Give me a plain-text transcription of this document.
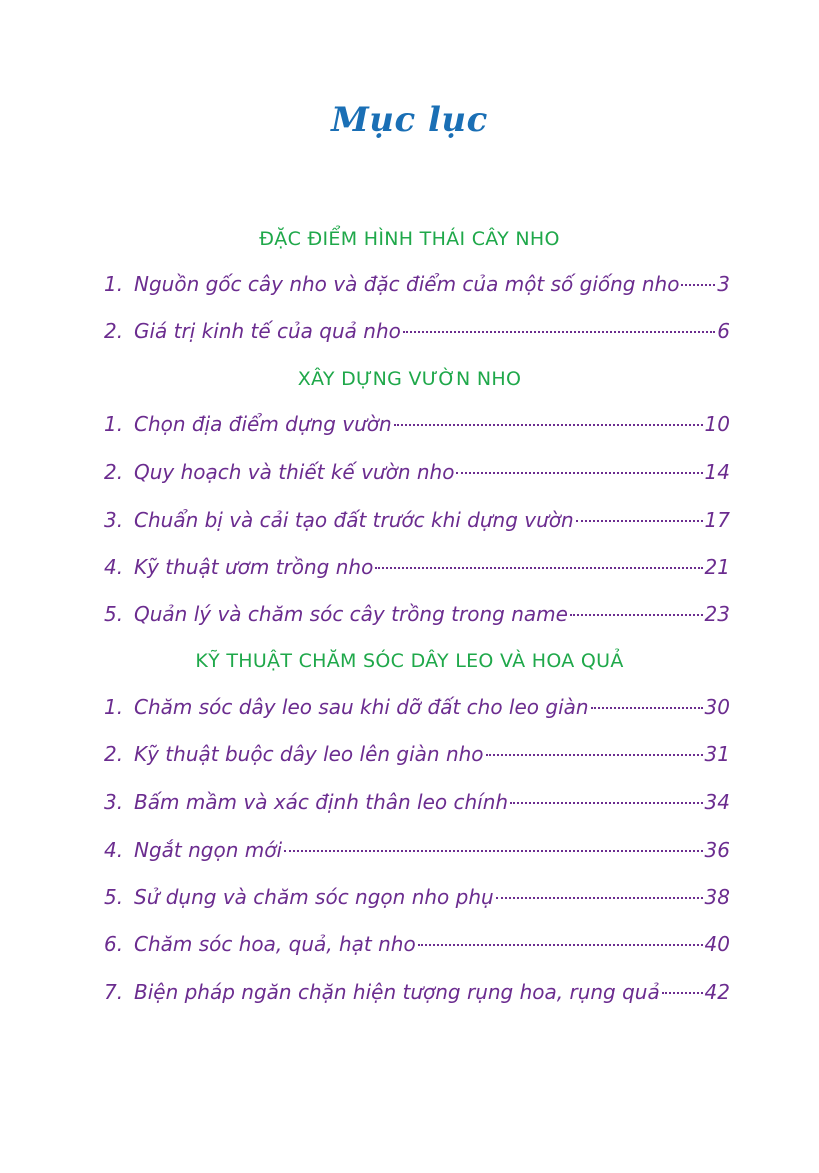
Mục lục
ĐẶC ĐIỂM HÌNH THÁI CÂY NHO
1. Nguồn gốc cây nho và đặc điểm của một số giống nho 3
2. Giá trị kinh tế của quả nho	6
XÂY DỰNG VƯỜN NHO
1. Chọn địa điểm dựng vườn	10
2. Quy hoạch và thiết kế vườn nho	14
3. Chuẩn bị và cải tạo đất trước khi dựng vườn	17
4. Kỹ thuật ươm trồng nho	21
5. Quản lý và chăm sóc cây trồng trong name	23
KỸ THUẬT CHĂM SÓC DÂY LEO VÀ HOA QUẢ
1. Chăm sóc dây leo sau khi dỡ đất cho leo giàn	30
2. Kỹ thuật buộc dây leo lên giàn nho	31
3. Bấm mầm và xác định thân leo chính	34
4. Ngắt ngọn mới	36
5. Sử dụng và chăm sóc ngọn nho phụ	38
6. Chăm sóc hoa, quả, hạt nho	40
7. Biện pháp ngăn chặn hiện tượng rụng hoa, rụng quả 42
